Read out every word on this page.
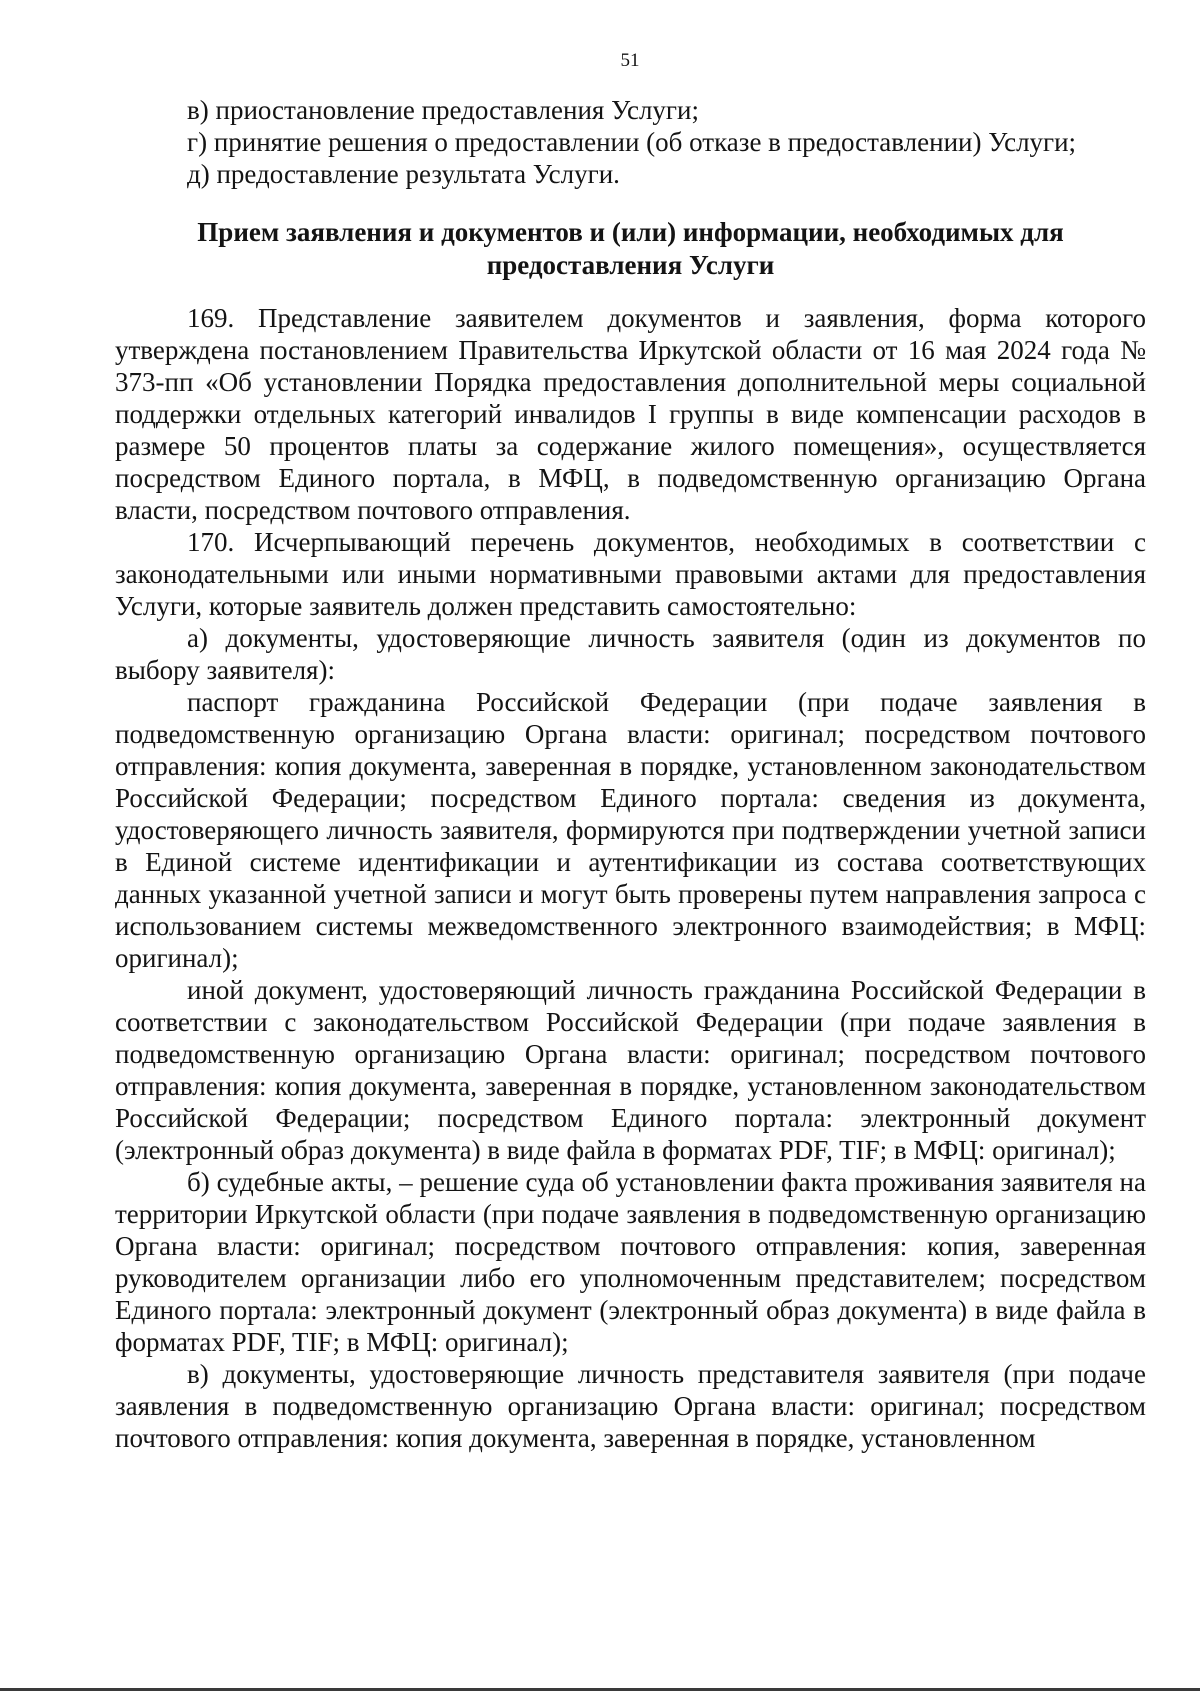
51
в) приостановление предоставления Услуги;
г) принятие решения о предоставлении (об отказе в предоставлении) Услуги;
д) предоставление результата Услуги.
Прием заявления и документов и (или) информации, необходимых для предоставления Услуги

169. Представление заявителем документов и заявления, форма которого утверждена постановлением Правительства Иркутской области от 16 мая 2024 года № 373-пп «Об установлении Порядка предоставления дополнительной меры социальной поддержки отдельных категорий инвалидов I группы в виде компенсации расходов в размере 50 процентов платы за содержание жилого помещения», осуществляется посредством Единого портала, в МФЦ, в подведомственную организацию Органа власти, посредством почтового отправления.

170. Исчерпывающий перечень документов, необходимых в соответствии с законодательными или иными нормативными правовыми актами для предоставления Услуги, которые заявитель должен представить самостоятельно:

а) документы, удостоверяющие личность заявителя (один из документов по выбору заявителя):

паспорт гражданина Российской Федерации (при подаче заявления в подведомственную организацию Органа власти: оригинал; посредством почтового отправления: копия документа, заверенная в порядке, установленном законодательством Российской Федерации; посредством Единого портала: сведения из документа, удостоверяющего личность заявителя, формируются при подтверждении учетной записи в Единой системе идентификации и аутентификации из состава соответствующих данных указанной учетной записи и могут быть проверены путем направления запроса с использованием системы межведомственного электронного взаимодействия; в МФЦ: оригинал);

иной документ, удостоверяющий личность гражданина Российской Федерации в соответствии с законодательством Российской Федерации (при подаче заявления в подведомственную организацию Органа власти: оригинал; посредством почтового отправления: копия документа, заверенная в порядке, установленном законодательством Российской Федерации; посредством Единого портала: электронный документ (электронный образ документа) в виде файла в форматах PDF, TIF; в МФЦ: оригинал);

б) судебные акты, – решение суда об установлении факта проживания заявителя на территории Иркутской области (при подаче заявления в подведомственную организацию Органа власти: оригинал; посредством почтового отправления: копия, заверенная руководителем организации либо его уполномоченным представителем; посредством Единого портала: электронный документ (электронный образ документа) в виде файла в форматах PDF, TIF; в МФЦ: оригинал);

в) документы, удостоверяющие личность представителя заявителя (при подаче заявления в подведомственную организацию Органа власти: оригинал; посредством почтового отправления: копия документа, заверенная в порядке, установленном
